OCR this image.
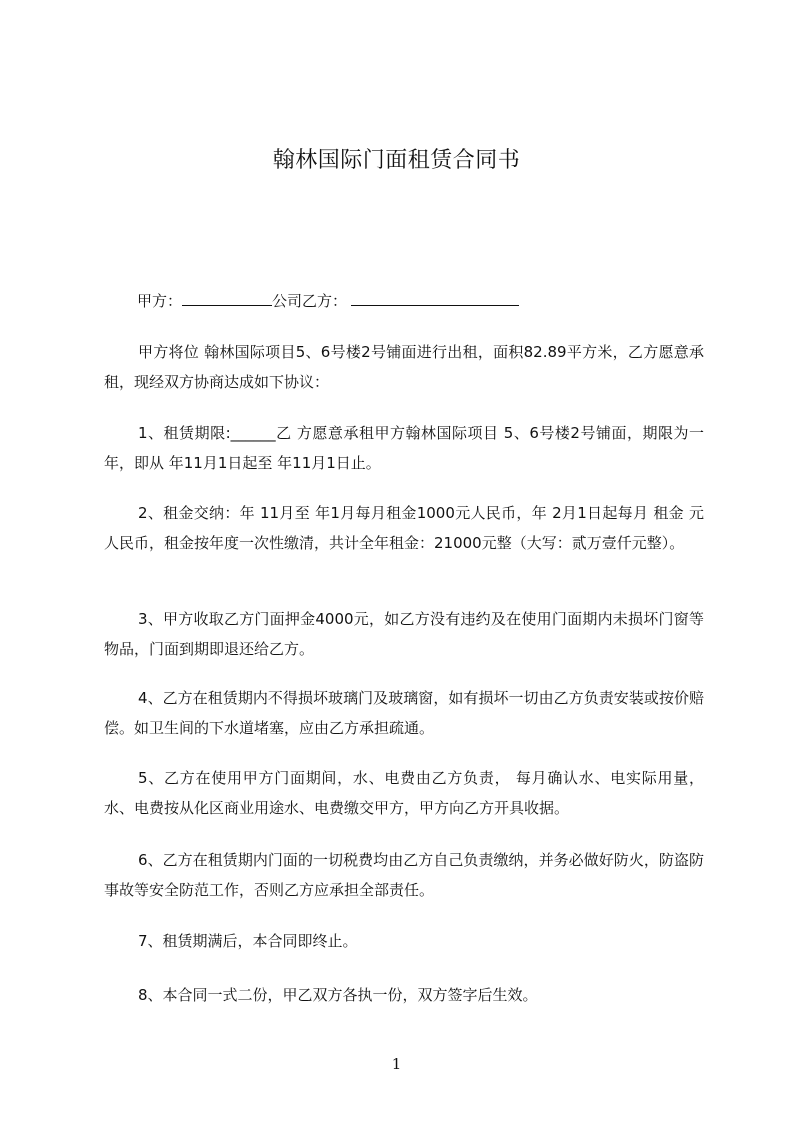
翰林国际门面租赁合同书
甲方：	公司乙方：

甲方将位 翰林国际项目5、6号楼2号铺面进行出租，面积82.89平方米，乙方愿意承租，现经双方协商达成如下协议：

1、租赁期限:______乙 方愿意承租甲方翰林国际项目 5、6号楼2号铺面，期限为一年，即从 年11月1日起至 年11月1日止。

2、租金交纳：年 11月至 年1月每月租金1000元人民币，年 2月1日起每月 租金 元人民币，租金按年度一次性缴清，共计全年租金：21000元整（大写：贰万壹仟元整）。

3、甲方收取乙方门面押金4000元，如乙方没有违约及在使用门面期内未损坏门窗等物品，门面到期即退还给乙方。

4、乙方在租赁期内不得损坏玻璃门及玻璃窗，如有损坏一切由乙方负责安装或按价赔偿。如卫生间的下水道堵塞，应由乙方承担疏通。

5、乙方在使用甲方门面期间，水、电费由乙方负责， 每月确认水、电实际用量，水、电费按从化区商业用途水、电费缴交甲方，甲方向乙方开具收据。

6、乙方在租赁期内门面的一切税费均由乙方自己负责缴纳，并务必做好防火，防盗防事故等安全防范工作，否则乙方应承担全部责任。

7、租赁期满后，本合同即终止。

8、本合同一式二份，甲乙双方各执一份，双方签字后生效。

1
